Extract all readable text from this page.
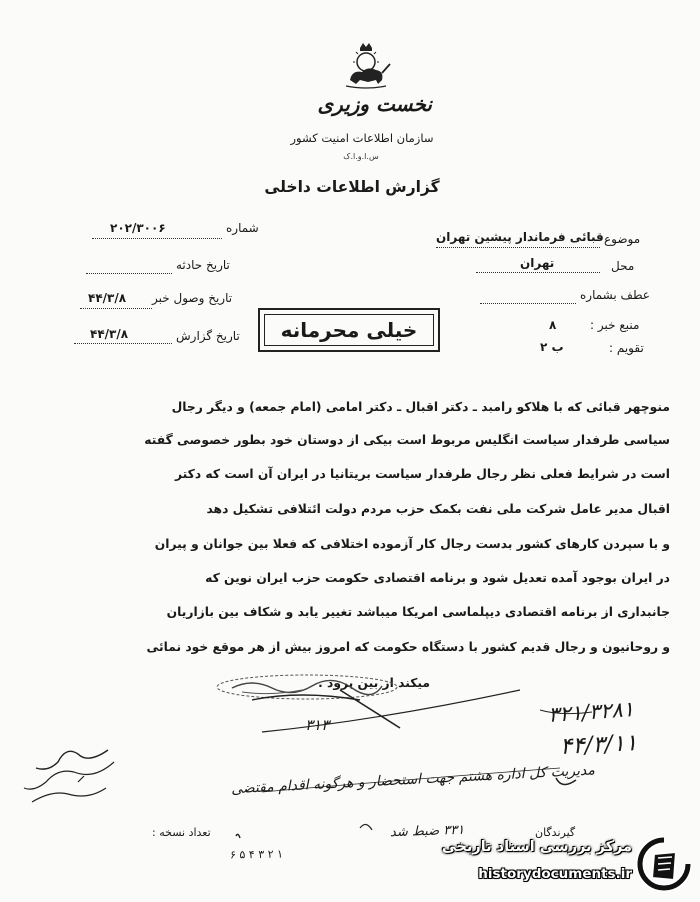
نخست وزیری
سازمان اطلاعات امنیت کشور
س.ا.و.ا.ک
گزارش اطلاعات داخلی
شماره
۲۰۲/۳۰۰۶
تاریخ حادثه
تاریخ وصول خبر
۴۴/۳/۸
تاریخ گزارش
۴۴/۳/۸
موضوع
قبائی فرماندار پیشین تهران
محل
تهران
عطف بشماره
منبع خبر :
۸
تقویم :
ب ۲
خیلی محرمانه
منوچهر قبائی که با هلاکو رامبد ـ دکتر اقبال ـ دکتر امامی (امام جمعه) و دیگر رجال
سیاسی طرفدار سیاست انگلیس مربوط است بیکی از دوستان خود بطور خصوصی گفته
است در شرایط فعلی نظر رجال طرفدار سیاست بریتانیا در ایران آن است که دکتر
اقبال مدیر عامل شرکت ملی نفت بکمک حزب مردم دولت ائتلافی تشکیل دهد
و با سپردن کارهای کشور بدست رجال کار آزموده اختلافی که فعلا بین جوانان و پیران
در ایران بوجود آمده تعدیل شود و برنامه اقتصادی حکومت حزب ایران نوین که
جانبداری از برنامه اقتصادی دیپلماسی امریکا میباشد تغییر یابد و شکاف بین بازاریان
و روحانیون و رجال قدیم کشور با دستگاه حکومت که امروز بیش از هر موقع خود نمائی
میکند از بین برود .
۳۱۳	۳۲۱/۳۲۸۱
۴۴/۳/۱۱
مدیریت کل اداره هشتم جهت استحضار و هرگونه اقدام مقتضی
گیرندگان
۳۳۱ ضبط شد
تعداد نسخه :
۶ ۵ ۴ ۳ ۲ ۱	مرکز بررسی اسناد تاریخی
historydocuments.ir
